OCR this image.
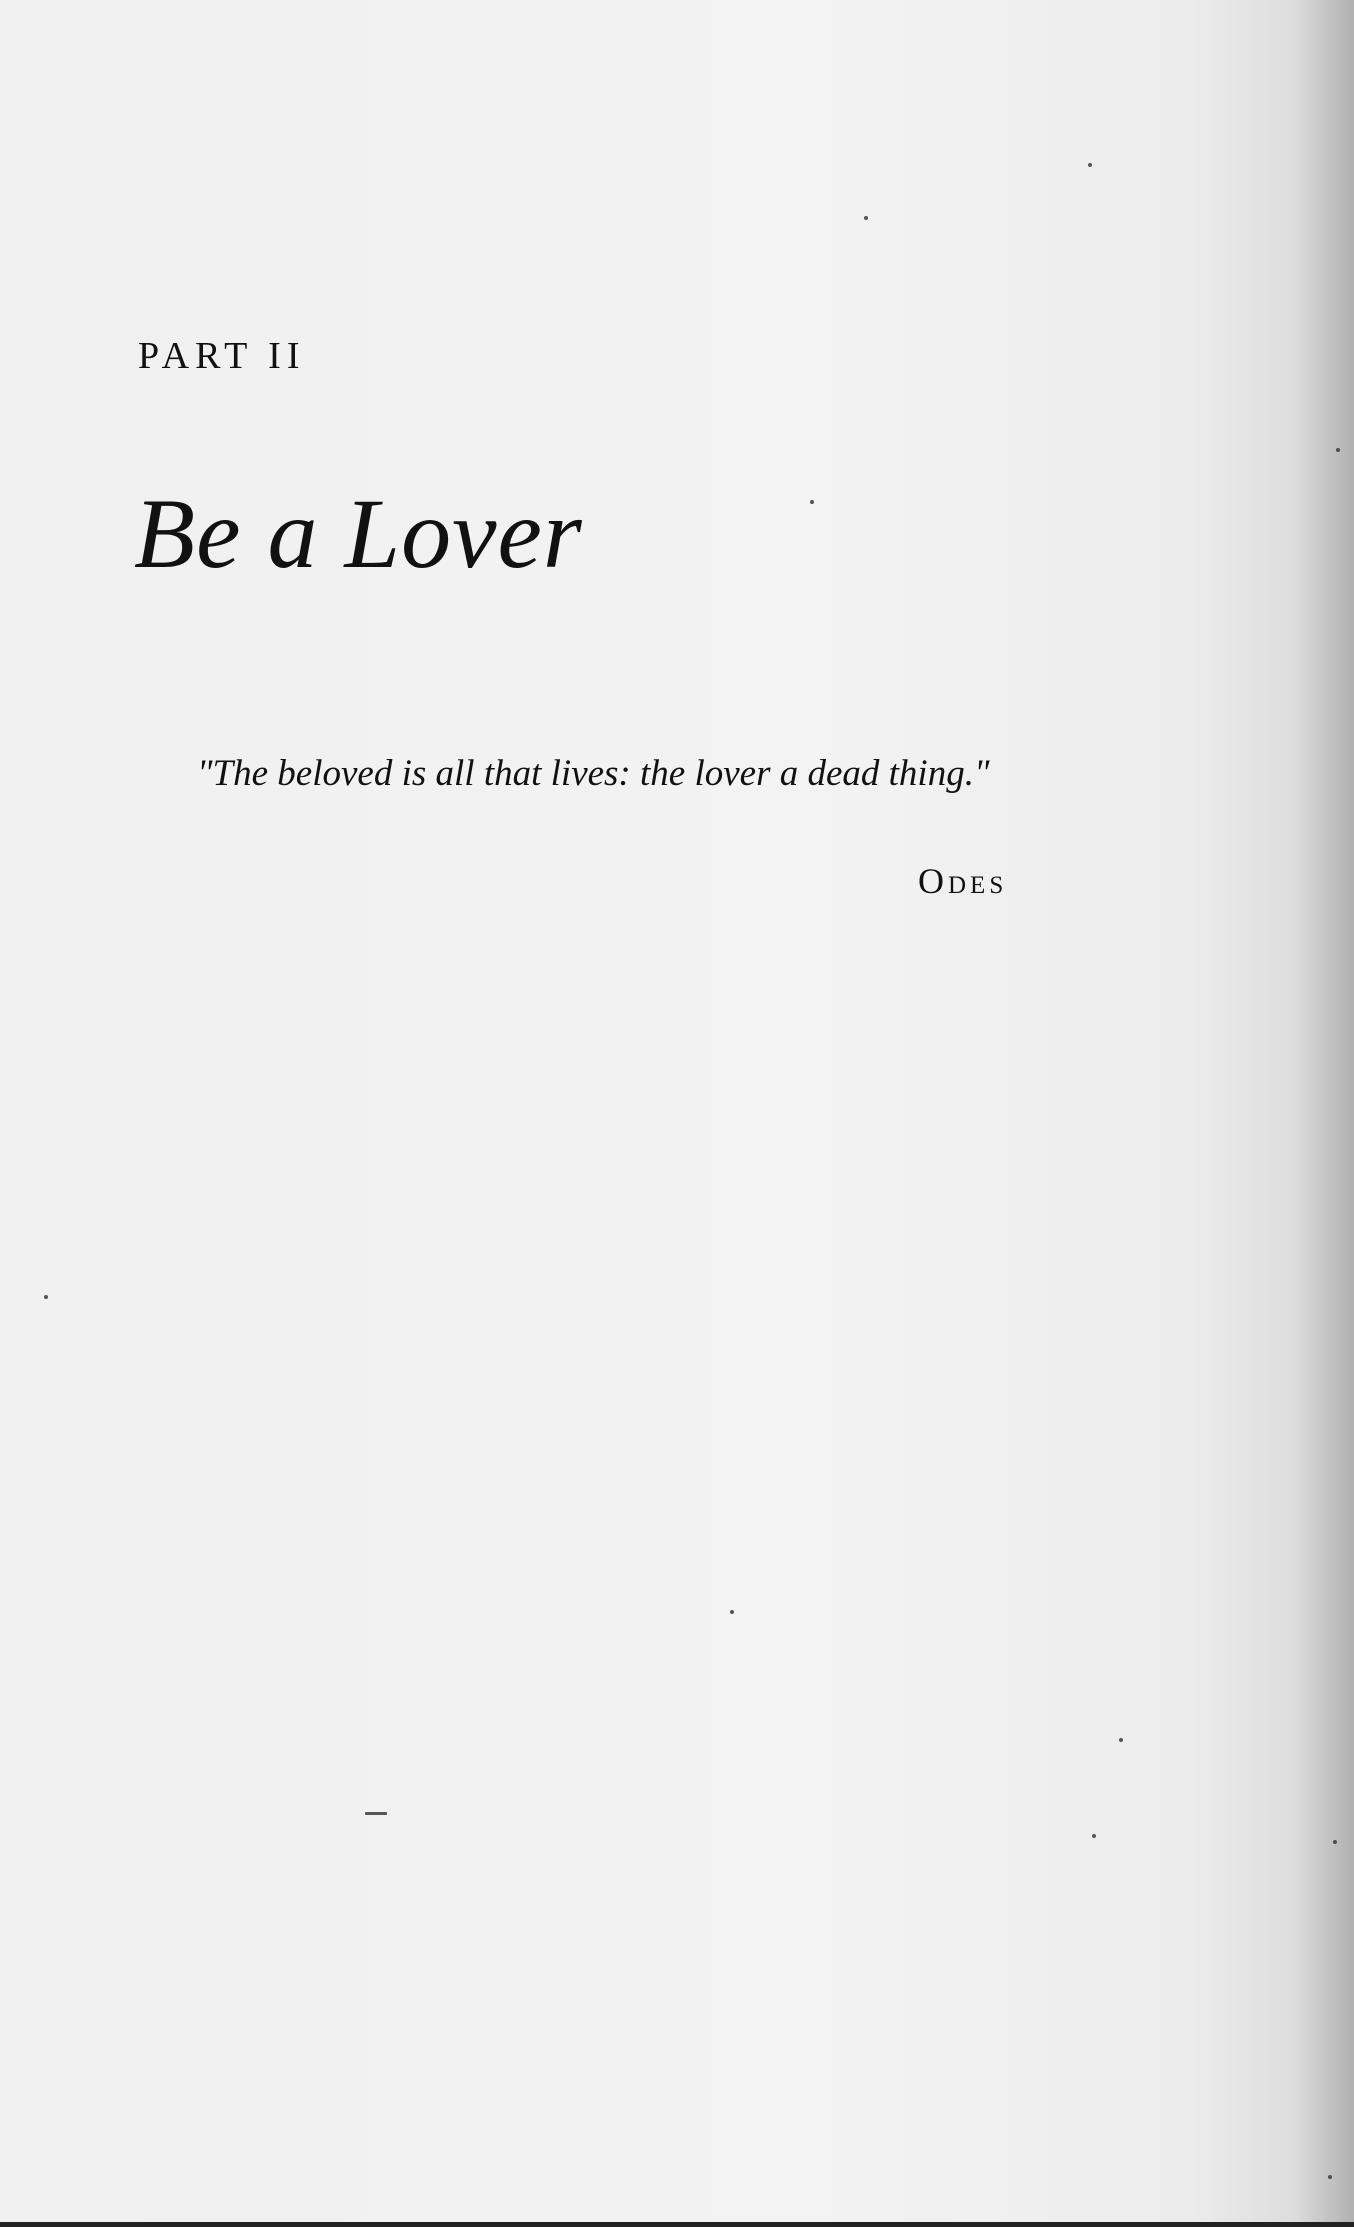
PART II
Be a Lover
"The beloved is all that lives: the lover a dead thing."
Odes
